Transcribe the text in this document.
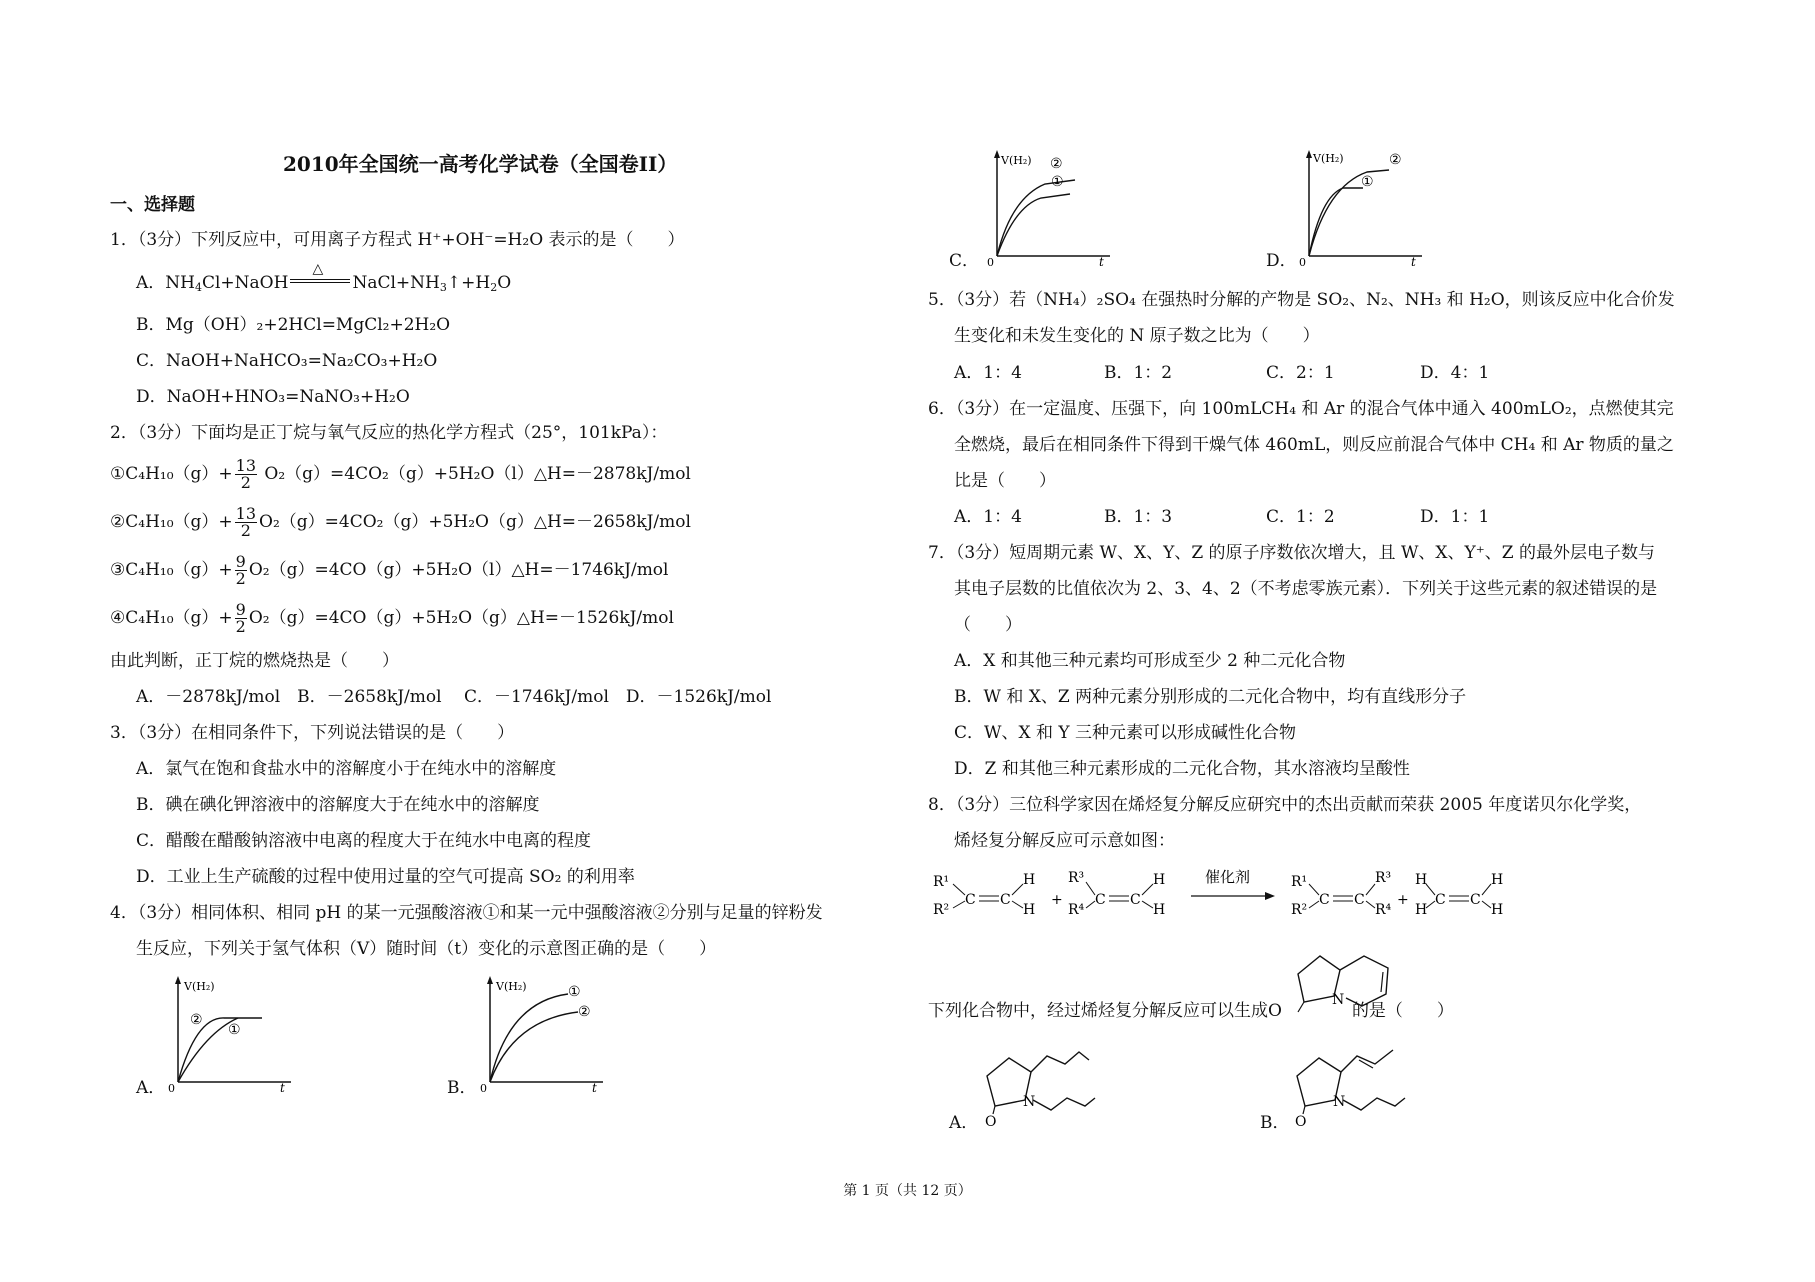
2010年全国统一高考化学试卷（全国卷II）
一、选择题
1．（3分）下列反应中，可用离子方程式 H⁺+OH⁻=H₂O 表示的是（　　）
A．$NH_4Cl+NaOH$
△
$NaCl+NH_3↑+H_2O$
B．Mg（OH）₂+2HCl=MgCl₂+2H₂O
C．NaOH+NaHCO₃=Na₂CO₃+H₂O
D．NaOH+HNO₃=NaNO₃+H₂O
2．（3分）下面均是正丁烷与氧气反应的热化学方程式（25°，101kPa）：
①C₄H₁₀（g）+ $\frac{13}{2}$ O₂（g）=4CO₂（g）+5H₂O（l）△H=－2878kJ/mol
②C₄H₁₀（g）+ $\frac{13}{2}$ O₂（g）=4CO₂（g）+5H₂O（g）△H=－2658kJ/mol
③C₄H₁₀（g）+ $\frac{9}{2}$ O₂（g）=4CO（g）+5H₂O（l）△H=－1746kJ/mol
④C₄H₁₀（g）+ $\frac{9}{2}$ O₂（g）=4CO（g）+5H₂O（g）△H=－1526kJ/mol
由此判断，正丁烷的燃烧热是（　　）
A．－2878kJ/mol　B．－2658kJ/mol　 C．－1746kJ/mol　D．－1526kJ/mol
3．（3分）在相同条件下，下列说法错误的是（　　）
A．氯气在饱和食盐水中的溶解度小于在纯水中的溶解度
B．碘在碘化钾溶液中的溶解度大于在纯水中的溶解度
C．醋酸在醋酸钠溶液中电离的程度大于在纯水中电离的程度
D．工业上生产硫酸的过程中使用过量的空气可提高 SO₂ 的利用率
4．（3分）相同体积、相同 pH 的某一元强酸溶液①和某一元中强酸溶液②分别与足量的锌粉发
生反应，下列关于氢气体积（V）随时间（t）变化的示意图正确的是（　　）
A．
V(H₂)
0	t
②
①
B．
V(H₂)
0	t
①
②
C．
V(H₂)
0	t
②
①
D．
V(H₂)
0	t
②
①
5．（3分）若（NH₄）₂SO₄ 在强热时分解的产物是 SO₂、N₂、NH₃ 和 H₂O，则该反应中化合价发
生变化和未发生变化的 N 原子数之比为（　　）
A．1：4	B．1：2	C．2：1	D．4：1
6．（3分）在一定温度、压强下，向 100mLCH₄ 和 Ar 的混合气体中通入 400mLO₂，点燃使其完
全燃烧，最后在相同条件下得到干燥气体 460mL，则反应前混合气体中 CH₄ 和 Ar 物质的量之
比是（　　）
A．1：4	B．1：3	C．1：2	D．1：1
7．（3分）短周期元素 W、X、Y、Z 的原子序数依次增大，且 W、X、Y⁺、Z 的最外层电子数与
其电子层数的比值依次为 2、3、4、2（不考虑零族元素）．下列关于这些元素的叙述错误的是
（　　）
A．X 和其他三种元素均可形成至少 2 种二元化合物
B．W 和 X、Z 两种元素分别形成的二元化合物中，均有直线形分子
C．W、X 和 Y 三种元素可以形成碱性化合物
D．Z 和其他三种元素形成的二元化合物，其水溶液均呈酸性
8．（3分）三位科学家因在烯烃复分解反应研究中的杰出贡献而荣获 2005 年度诺贝尔化学奖，
烯烃复分解反应可示意如图：
R¹
R²
C C
H
H
+
R³
R⁴
C C
H
H
催化剂	R¹
R²
C C
R³
R⁴
+
H
H
C C
H
H
N
下列化合物中，经过烯烃复分解反应可以生成O	的是（　　）
A．
N
O	B．
N
O
第 1 页（共 12 页）
